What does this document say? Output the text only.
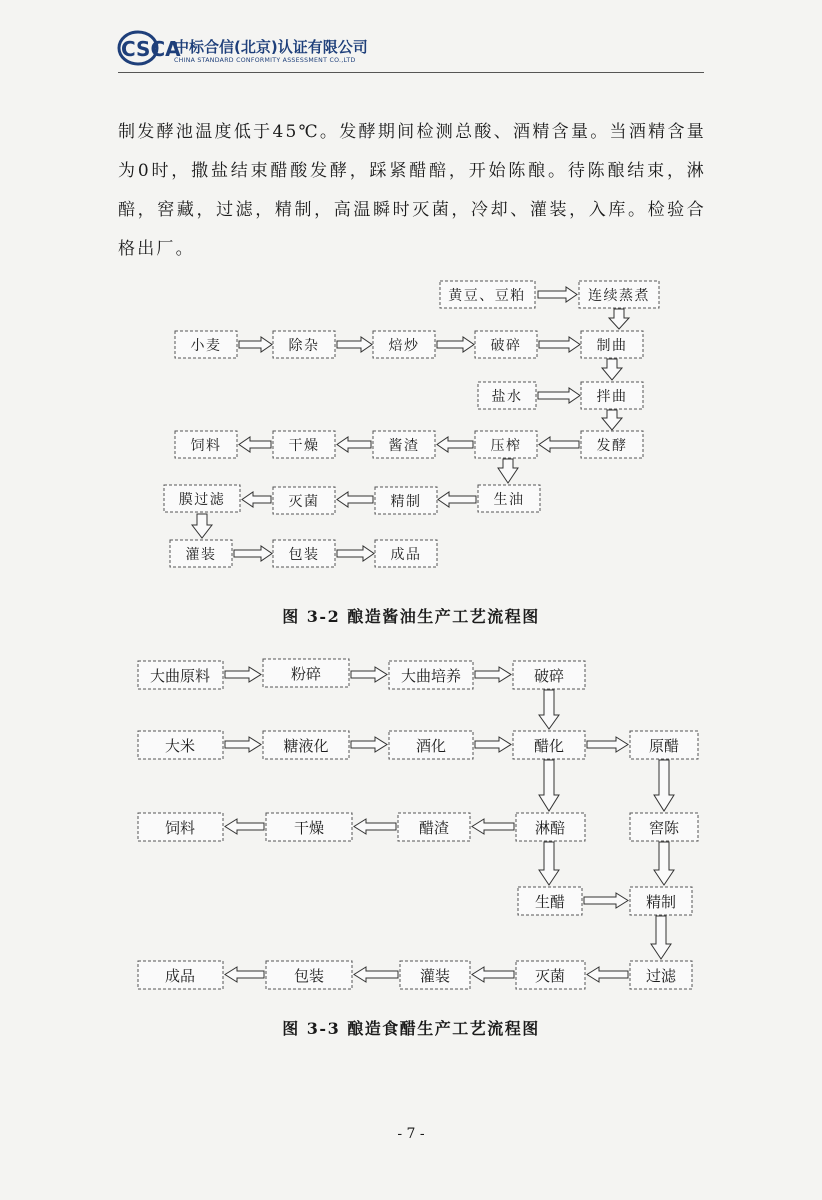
CSCA
中标合信(北京)认证有限公司
CHINA STANDARD CONFORMITY ASSESSMENT CO.,LTD

制发酵池温度低于45℃。发酵期间检测总酸、酒精含量。当酒精含量为0时，撒盐结束醋酸发酵，踩紧醋醅，开始陈酿。待陈酿结束，淋醅，窖藏，过滤，精制，高温瞬时灭菌，冷却、灌装，入库。检验合格出厂。

黄豆、豆粕	连续蒸煮
小麦	除杂	焙炒	破碎	制曲
盐水	拌曲
饲料	干燥	酱渣	压榨	发酵
膜过滤	灭菌	精制	生油
灌装	包装	成品
图 3-2 酿造酱油生产工艺流程图
大曲原料	粉碎	大曲培养	破碎
大米	糖液化	酒化	醋化	原醋
饲料	干燥	醋渣	淋醅	窖陈
生醋	精制
成品	包装	灌装	灭菌	过滤
图 3-3 酿造食醋生产工艺流程图
- 7 -
